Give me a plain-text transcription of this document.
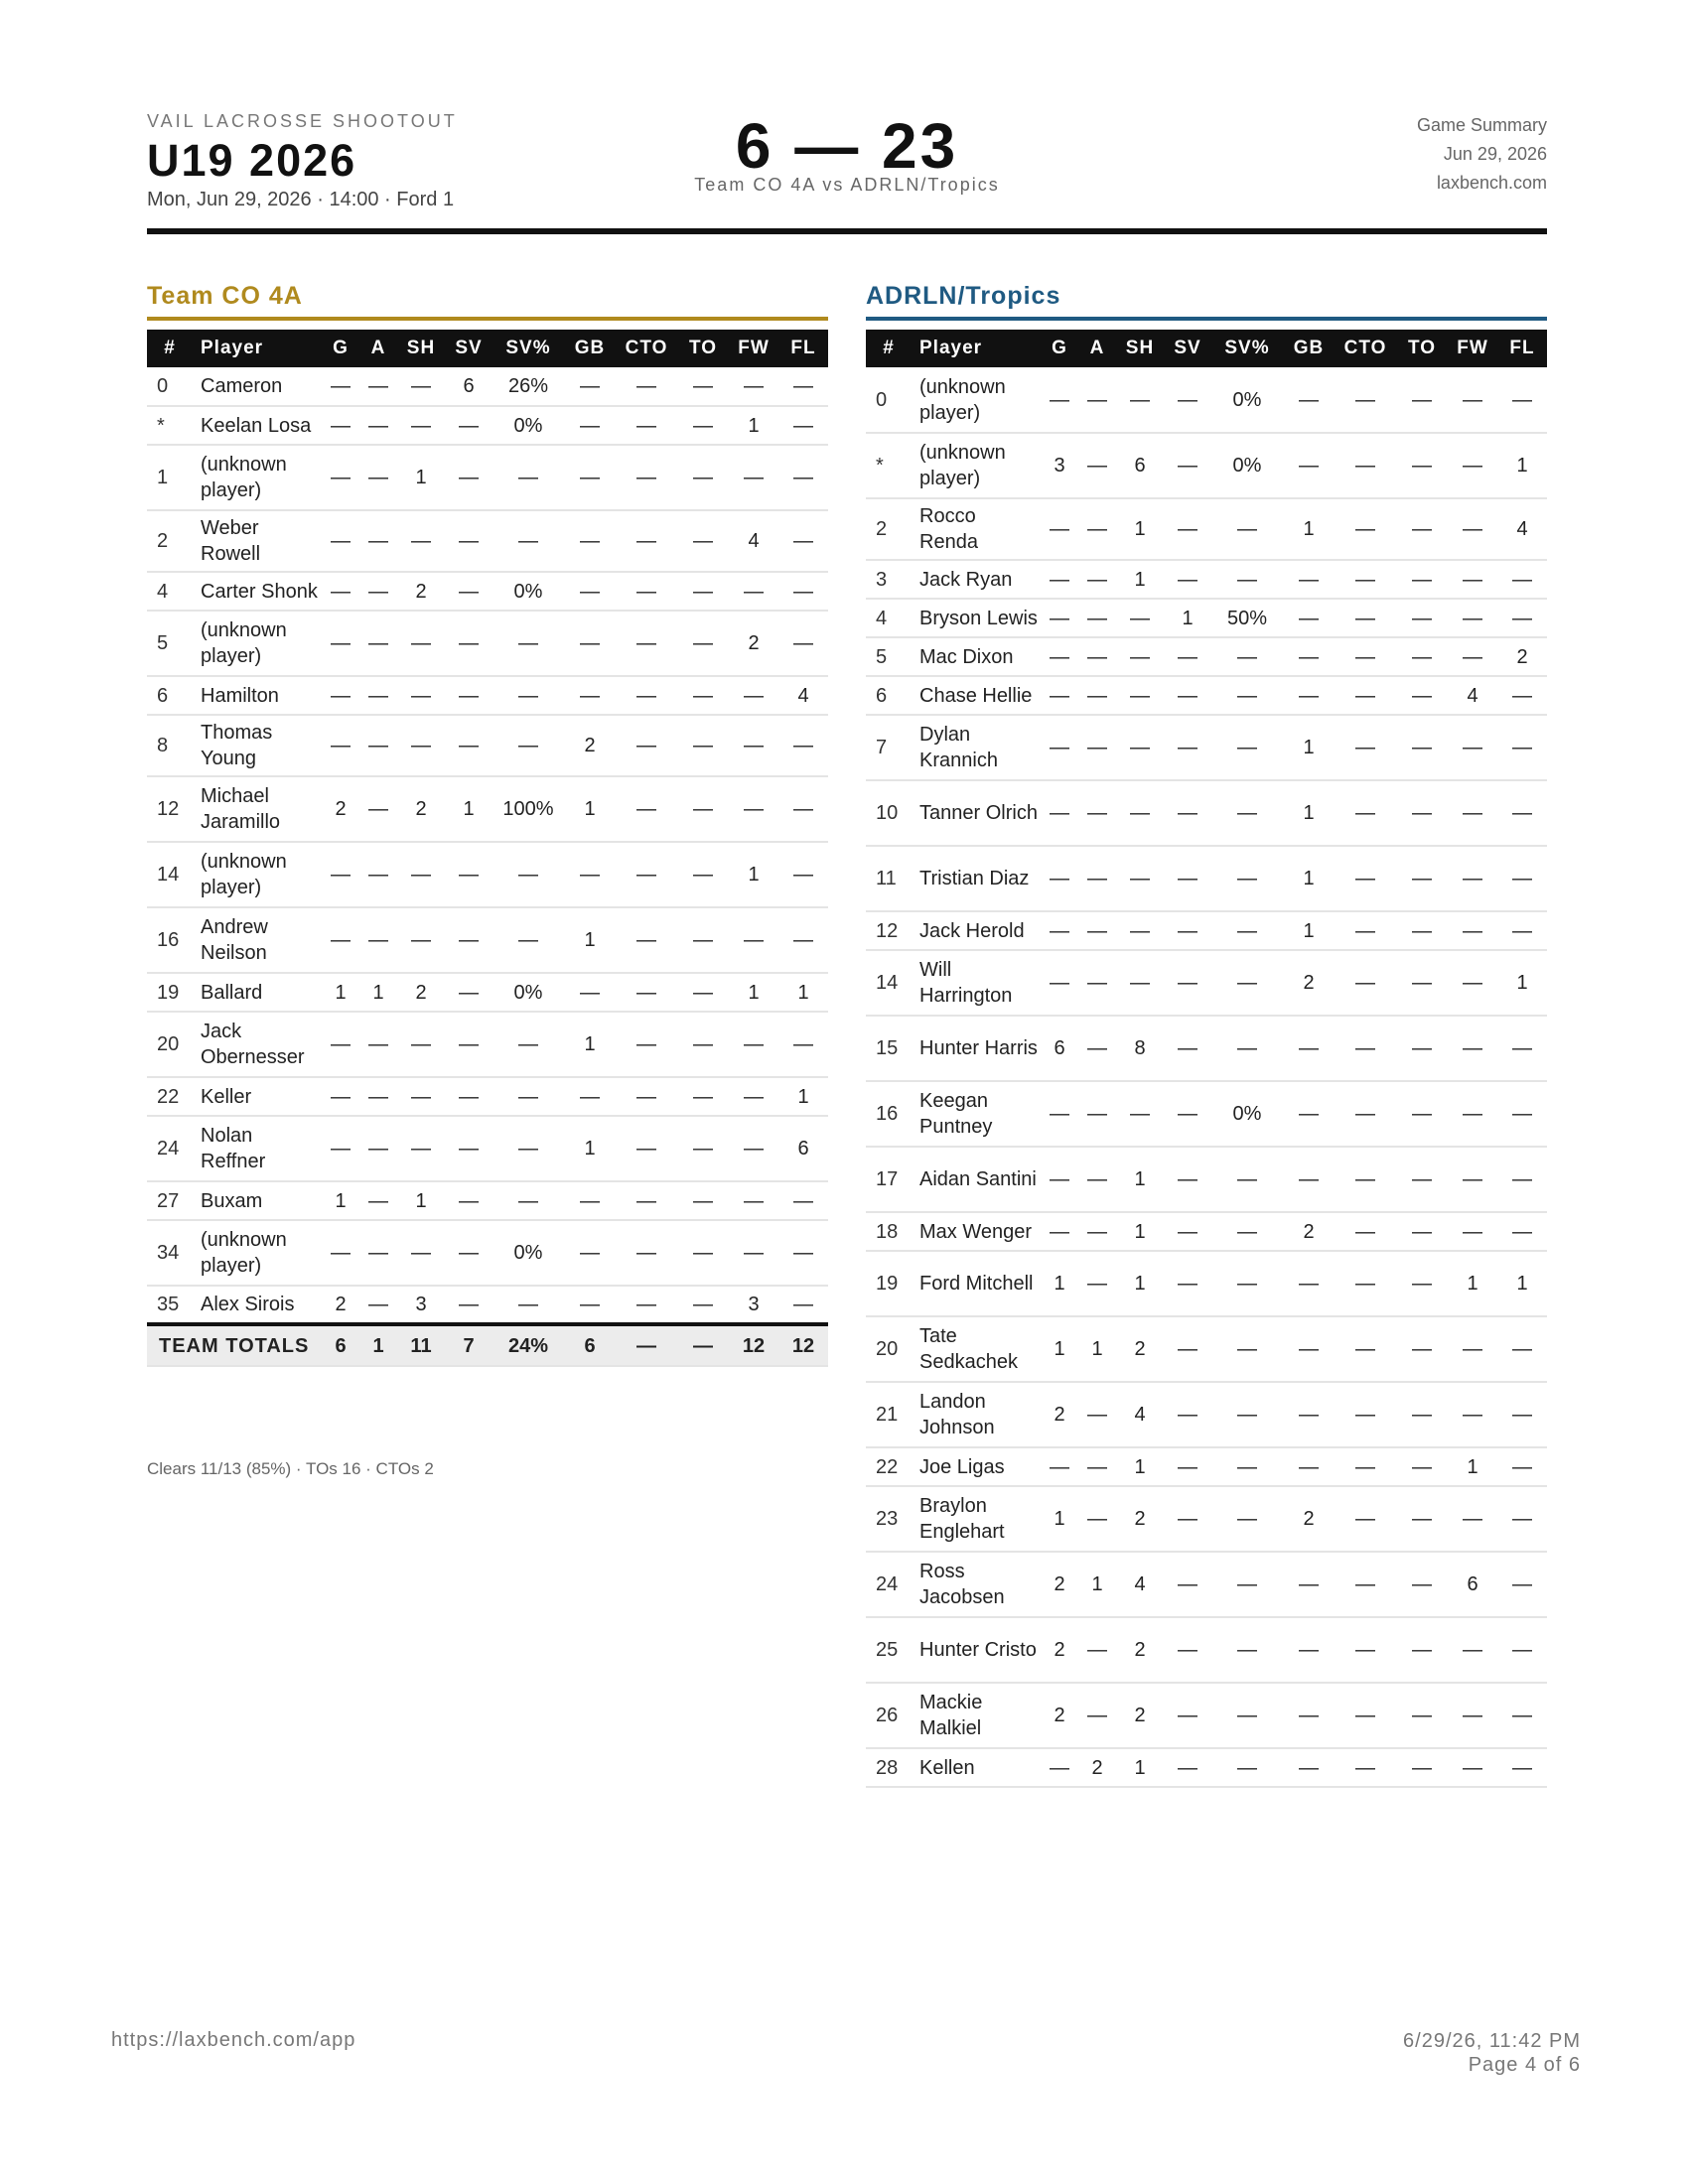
VAIL LACROSSE SHOOTOUT
U19 2026
Mon, Jun 29, 2026 · 14:00 · Ford 1
6 — 23
Team CO 4A vs ADRLN/Tropics
Game Summary
Jun 29, 2026
laxbench.com
Team CO 4A
#	Player	G	A	SH	SV	SV%	GB	CTO	TO	FW	FL
0	Cameron	—	—	—	6	26%	—	—	—	—	—
*	Keelan Losa	—	—	—	—	0%	—	—	—	1	—
1	(unknown player)	—	—	1	—	—	—	—	—	—	—
2	Weber Rowell	—	—	—	—	—	—	—	—	4	—
4	Carter Shonk	—	—	2	—	0%	—	—	—	—	—
5	(unknown player)	—	—	—	—	—	—	—	—	2	—
6	Hamilton	—	—	—	—	—	—	—	—	—	4
8	Thomas Young	—	—	—	—	—	2	—	—	—	—
12	Michael Jaramillo	2	—	2	1	100%	1	—	—	—	—
14	(unknown player)	—	—	—	—	—	—	—	—	1	—
16	Andrew Neilson	—	—	—	—	—	1	—	—	—	—
19	Ballard	1	1	2	—	0%	—	—	—	1	1
20	Jack Obernesser	—	—	—	—	—	1	—	—	—	—
22	Keller	—	—	—	—	—	—	—	—	—	1
24	Nolan Reffner	—	—	—	—	—	1	—	—	—	6
27	Buxam	1	—	1	—	—	—	—	—	—	—
34	(unknown player)	—	—	—	—	0%	—	—	—	—	—
35	Alex Sirois	2	—	3	—	—	—	—	—	3	—
TEAM TOTALS		6	1	11	7	24%	6	—	—	12	12
Clears 11/13 (85%) · TOs 16 · CTOs 2
ADRLN/Tropics
#	Player	G	A	SH	SV	SV%	GB	CTO	TO	FW	FL
0	(unknown player)	—	—	—	—	0%	—	—	—	—	—
*	(unknown player)	3	—	6	—	0%	—	—	—	—	1
2	Rocco Renda	—	—	1	—	—	1	—	—	—	4
3	Jack Ryan	—	—	1	—	—	—	—	—	—	—
4	Bryson Lewis	—	—	—	1	50%	—	—	—	—	—
5	Mac Dixon	—	—	—	—	—	—	—	—	—	2
6	Chase Hellie	—	—	—	—	—	—	—	—	4	—
7	Dylan Krannich	—	—	—	—	—	1	—	—	—	—
10	Tanner Olrich	—	—	—	—	—	1	—	—	—	—
11	Tristian Diaz	—	—	—	—	—	1	—	—	—	—
12	Jack Herold	—	—	—	—	—	1	—	—	—	—
14	Will Harrington	—	—	—	—	—	2	—	—	—	1
15	Hunter Harris	6	—	8	—	—	—	—	—	—	—
16	Keegan Puntney	—	—	—	—	0%	—	—	—	—	—
17	Aidan Santini	—	—	1	—	—	—	—	—	—	—
18	Max Wenger	—	—	1	—	—	2	—	—	—	—
19	Ford Mitchell	1	—	1	—	—	—	—	—	1	1
20	Tate Sedkachek	1	1	2	—	—	—	—	—	—	—
21	Landon Johnson	2	—	4	—	—	—	—	—	—	—
22	Joe Ligas	—	—	1	—	—	—	—	—	1	—
23	Braylon Englehart	1	—	2	—	—	2	—	—	—	—
24	Ross Jacobsen	2	1	4	—	—	—	—	—	6	—
25	Hunter Cristo	2	—	2	—	—	—	—	—	—	—
26	Mackie Malkiel	2	—	2	—	—	—	—	—	—	—
28	Kellen	—	2	1	—	—	—	—	—	—	—
https://laxbench.com/app	6/29/26, 11:42 PM
Page 4 of 6
